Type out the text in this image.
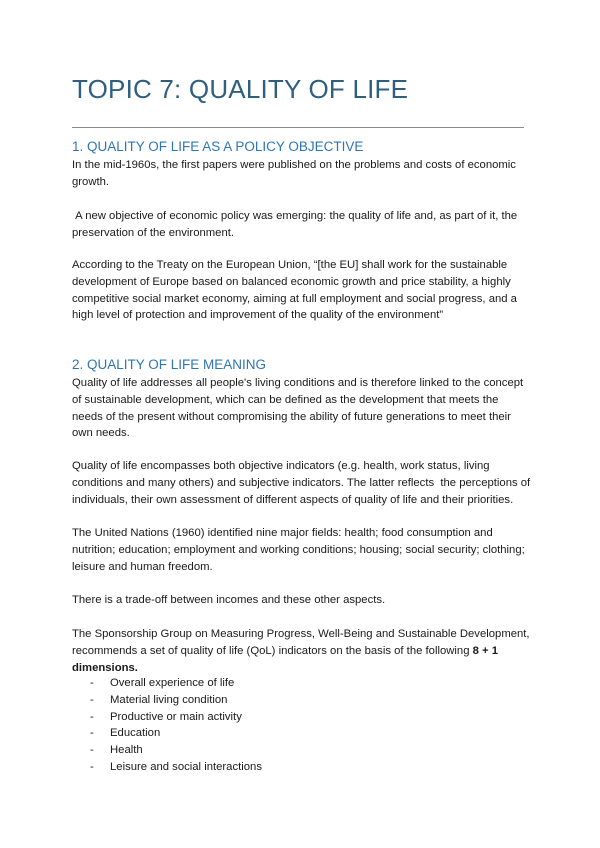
TOPIC 7: QUALITY OF LIFE
1. QUALITY OF LIFE AS A POLICY OBJECTIVE

In the mid-1960s, the first papers were published on the problems and costs of economic growth.

A new objective of economic policy was emerging: the quality of life and, as part of it, the preservation of the environment.

According to the Treaty on the European Union, “[the EU] shall work for the sustainable development of Europe based on balanced economic growth and price stability, a highly competitive social market economy, aiming at full employment and social progress, and a high level of protection and improvement of the quality of the environment”

2. QUALITY OF LIFE MEANING

Quality of life addresses all people's living conditions and is therefore linked to the concept of sustainable development, which can be defined as the development that meets the needs of the present without compromising the ability of future generations to meet their own needs.

Quality of life encompasses both objective indicators (e.g. health, work status, living conditions and many others) and subjective indicators. The latter reflects  the perceptions of individuals, their own assessment of different aspects of quality of life and their priorities.

The United Nations (1960) identified nine major fields: health; food consumption and nutrition; education; employment and working conditions; housing; social security; clothing; leisure and human freedom.

There is a trade-off between incomes and these other aspects.

The Sponsorship Group on Measuring Progress, Well-Being and Sustainable Development, recommends a set of quality of life (QoL) indicators on the basis of the following 8 + 1 dimensions.

- Overall experience of life
- Material living condition
- Productive or main activity
- Education
- Health
- Leisure and social interactions
